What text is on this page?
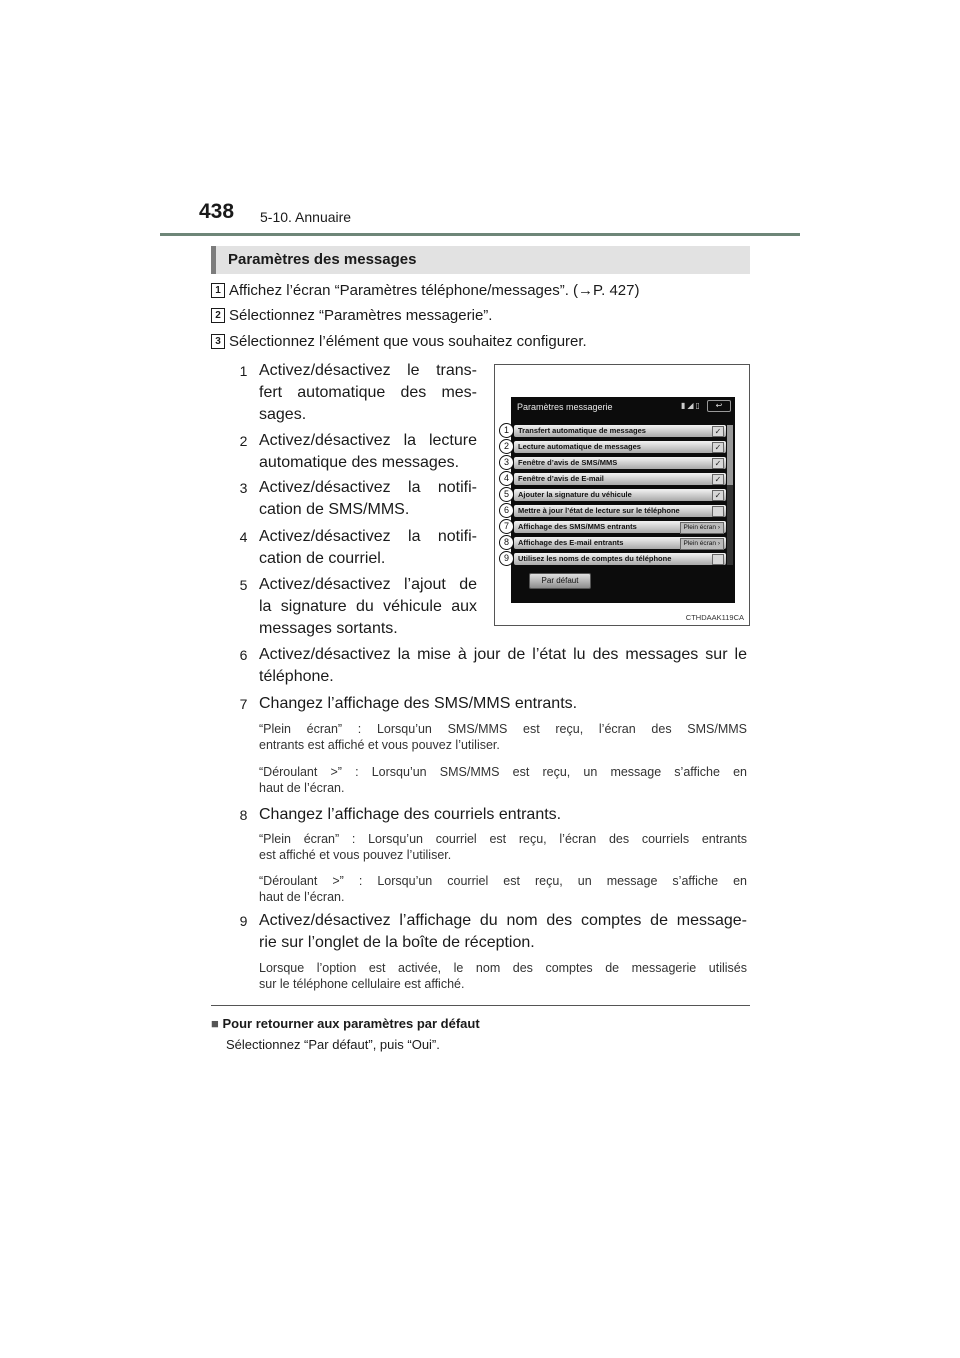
438 5-10. Annuaire
Paramètres des messages
1 Affichez l’écran “Paramètres téléphone/messages”. (→P. 427)
2 Sélectionnez “Paramètres messagerie”.
3 Sélectionnez l’élément que vous souhaitez configurer.
1 Activez/désactivez le trans-
fert automatique des mes-
sages.
2 Activez/désactivez la lecture
automatique des messages.
3 Activez/désactivez la notifi-
cation de SMS/MMS.
4 Activez/désactivez la notifi-
cation de courriel.
5 Activez/désactivez l’ajout de
la signature du véhicule aux
messages sortants.
6 Activez/désactivez la mise à jour de l’état lu des messages sur le
téléphone.
7 Changez l’affichage des SMS/MMS entrants.
“Plein écran” : Lorsqu’un SMS/MMS est reçu, l’écran des SMS/MMS
entrants est affiché et vous pouvez l’utiliser.
“Déroulant >” : Lorsqu’un SMS/MMS est reçu, un message s’affiche en
haut de l’écran.
8 Changez l’affichage des courriels entrants.
“Plein écran” : Lorsqu’un courriel est reçu, l’écran des courriels entrants
est affiché et vous pouvez l’utiliser.
“Déroulant >” : Lorsqu’un courriel est reçu, un message s’affiche en
haut de l’écran.
9 Activez/désactivez l’affichage du nom des comptes de message-
rie sur l’onglet de la boîte de réception.
Lorsque l’option est activée, le nom des comptes de messagerie utilisés
sur le téléphone cellulaire est affiché.
Paramètres messagerie	▮◢▯	↩
Transfert automatique de messages	✓
Lecture automatique de messages	✓
Fenêtre d’avis de SMS/MMS	✓
Fenêtre d’avis de E-mail	✓
Ajouter la signature du véhicule	✓
Mettre à jour l’état de lecture sur le téléphone
Affichage des SMS/MMS entrants	Plein écran ›
Affichage des E-mail entrants	Plein écran ›
Utilisez les noms de comptes du téléphone
Par défaut
1
2
3
4
5
6
7
8
9
CTHDAAK119CA
■ Pour retourner aux paramètres par défaut
Sélectionnez “Par défaut”, puis “Oui”.
